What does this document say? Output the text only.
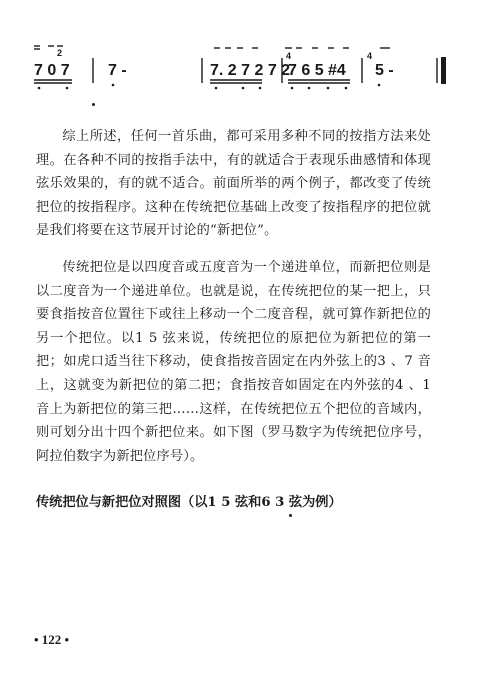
7 0 7 7 -	7. 2 7 2 7 2
7 6 5 #4 5 -
2	4	4

综上所述，任何一首乐曲，都可采用多种不同的按指方法来处理。在各种不同的按指手法中，有的就适合于表现乐曲感情和体现弦乐效果的，有的就不适合。前面所举的两个例子，都改变了传统把位的按指程序。这种在传统把位基础上改变了按指程序的把位就是我们将要在这节展开讨论的“新把位”。

传统把位是以四度音或五度音为一个递进单位，而新把位则是以二度音为一个递进单位。也就是说，在传统把位的某一把上，只要食指按音位置往下或往上移动一个二度音程，就可算作新把位的另一个把位。以1 5 弦来说，传统把位的原把位为新把位的第一把；如虎口适当往下移动，使食指按音固定在内外弦上的3 、7 音上，这就变为新把位的第二把；食指按音如固定在内外弦的4 、1 音上为新把位的第三把……这样，在传统把位五个把位的音域内，则可划分出十四个新把位来。如下图（罗马数字为传统把位序号，阿拉伯数字为新把位序号）。

传统把位与新把位对照图（以1 5 弦和6 3 弦为例）
• 122 •
